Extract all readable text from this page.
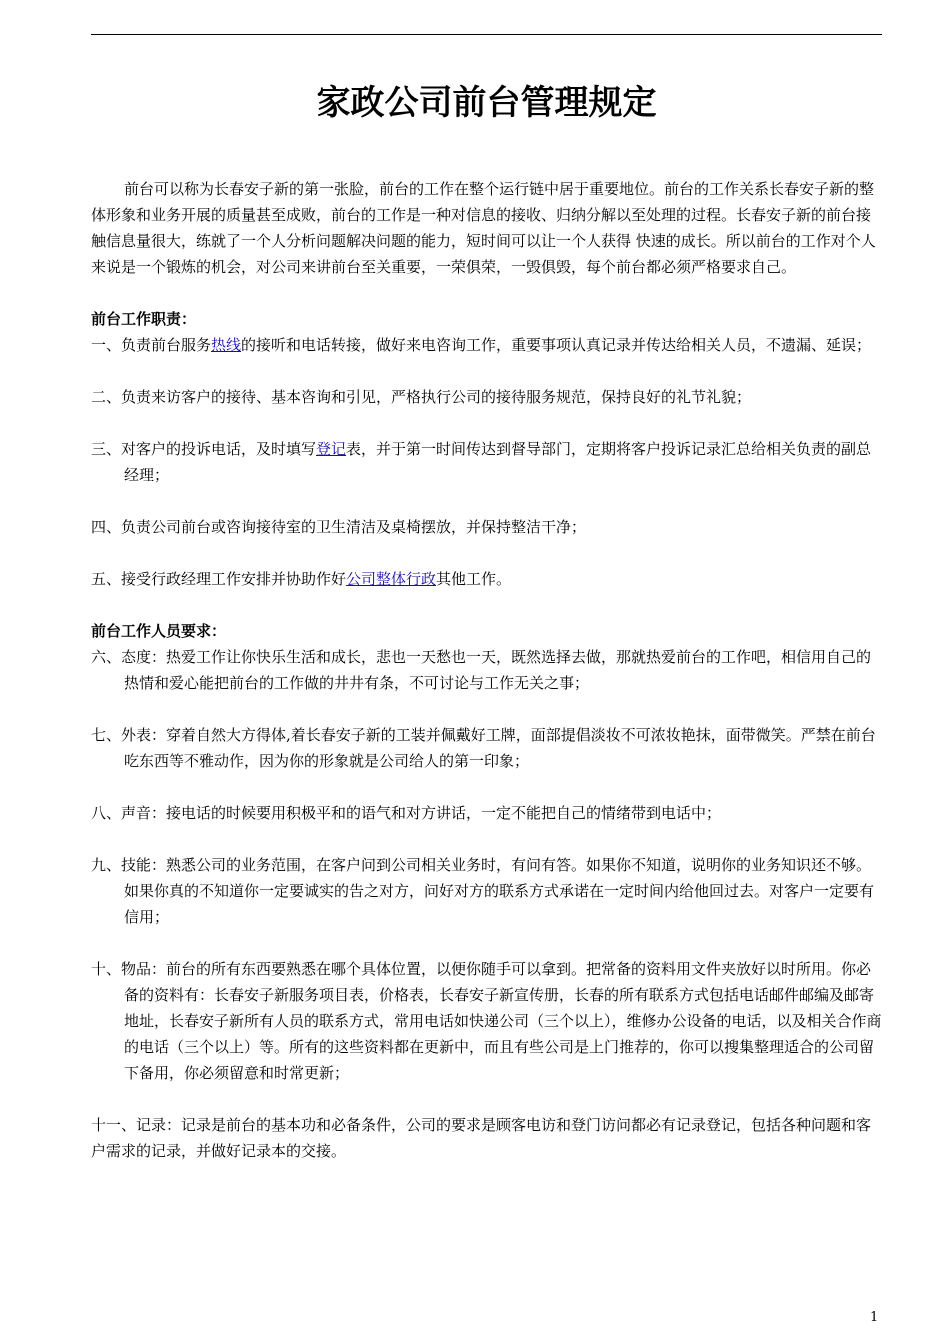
家政公司前台管理规定

前台可以称为长春安子新的第一张脸，前台的工作在整个运行链中居于重要地位。前台的工作关系长春安子新的整体形象和业务开展的质量甚至成败，前台的工作是一种对信息的接收、归纳分解以至处理的过程。长春安子新的前台接触信息量很大，练就了一个人分析问题解决问题的能力，短时间可以让一个人获得 快速的成长。所以前台的工作对个人来说是一个锻炼的机会，对公司来讲前台至关重要，一荣俱荣，一毁俱毁，每个前台都必须严格要求自己。

前台工作职责：

一、负责前台服务热线的接听和电话转接，做好来电咨询工作，重要事项认真记录并传达给相关人员，不遗漏、延误；

二、负责来访客户的接待、基本咨询和引见，严格执行公司的接待服务规范，保持良好的礼节礼貌；

三、对客户的投诉电话，及时填写登记表，并于第一时间传达到督导部门，定期将客户投诉记录汇总给相关负责的副总经理；

四、负责公司前台或咨询接待室的卫生清洁及桌椅摆放，并保持整洁干净；

五、接受行政经理工作安排并协助作好公司整体行政其他工作。

前台工作人员要求：

六、态度：热爱工作让你快乐生活和成长，悲也一天愁也一天，既然选择去做，那就热爱前台的工作吧，相信用自己的热情和爱心能把前台的工作做的井井有条，不可讨论与工作无关之事；

七、外表：穿着自然大方得体,着长春安子新的工装并佩戴好工牌，面部提倡淡妆不可浓妆艳抹，面带微笑。严禁在前台吃东西等不雅动作，因为你的形象就是公司给人的第一印象；

八、声音：接电话的时候要用积极平和的语气和对方讲话，一定不能把自己的情绪带到电话中；

九、技能：熟悉公司的业务范围，在客户问到公司相关业务时，有问有答。如果你不知道，说明你的业务知识还不够。如果你真的不知道你一定要诚实的告之对方，问好对方的联系方式承诺在一定时间内给他回过去。对客户一定要有信用；

十、物品：前台的所有东西要熟悉在哪个具体位置，以便你随手可以拿到。把常备的资料用文件夹放好以时所用。你必备的资料有：长春安子新服务项目表，价格表，长春安子新宣传册，长春的所有联系方式包括电话邮件邮编及邮寄地址，长春安子新所有人员的联系方式，常用电话如快递公司（三个以上），维修办公设备的电话，以及相关合作商的电话（三个以上）等。所有的这些资料都在更新中，而且有些公司是上门推荐的，你可以搜集整理适合的公司留下备用，你必须留意和时常更新；

十一、记录：记录是前台的基本功和必备条件，公司的要求是顾客电访和登门访问都必有记录登记，包括各种问题和客户需求的记录，并做好记录本的交接。

1
